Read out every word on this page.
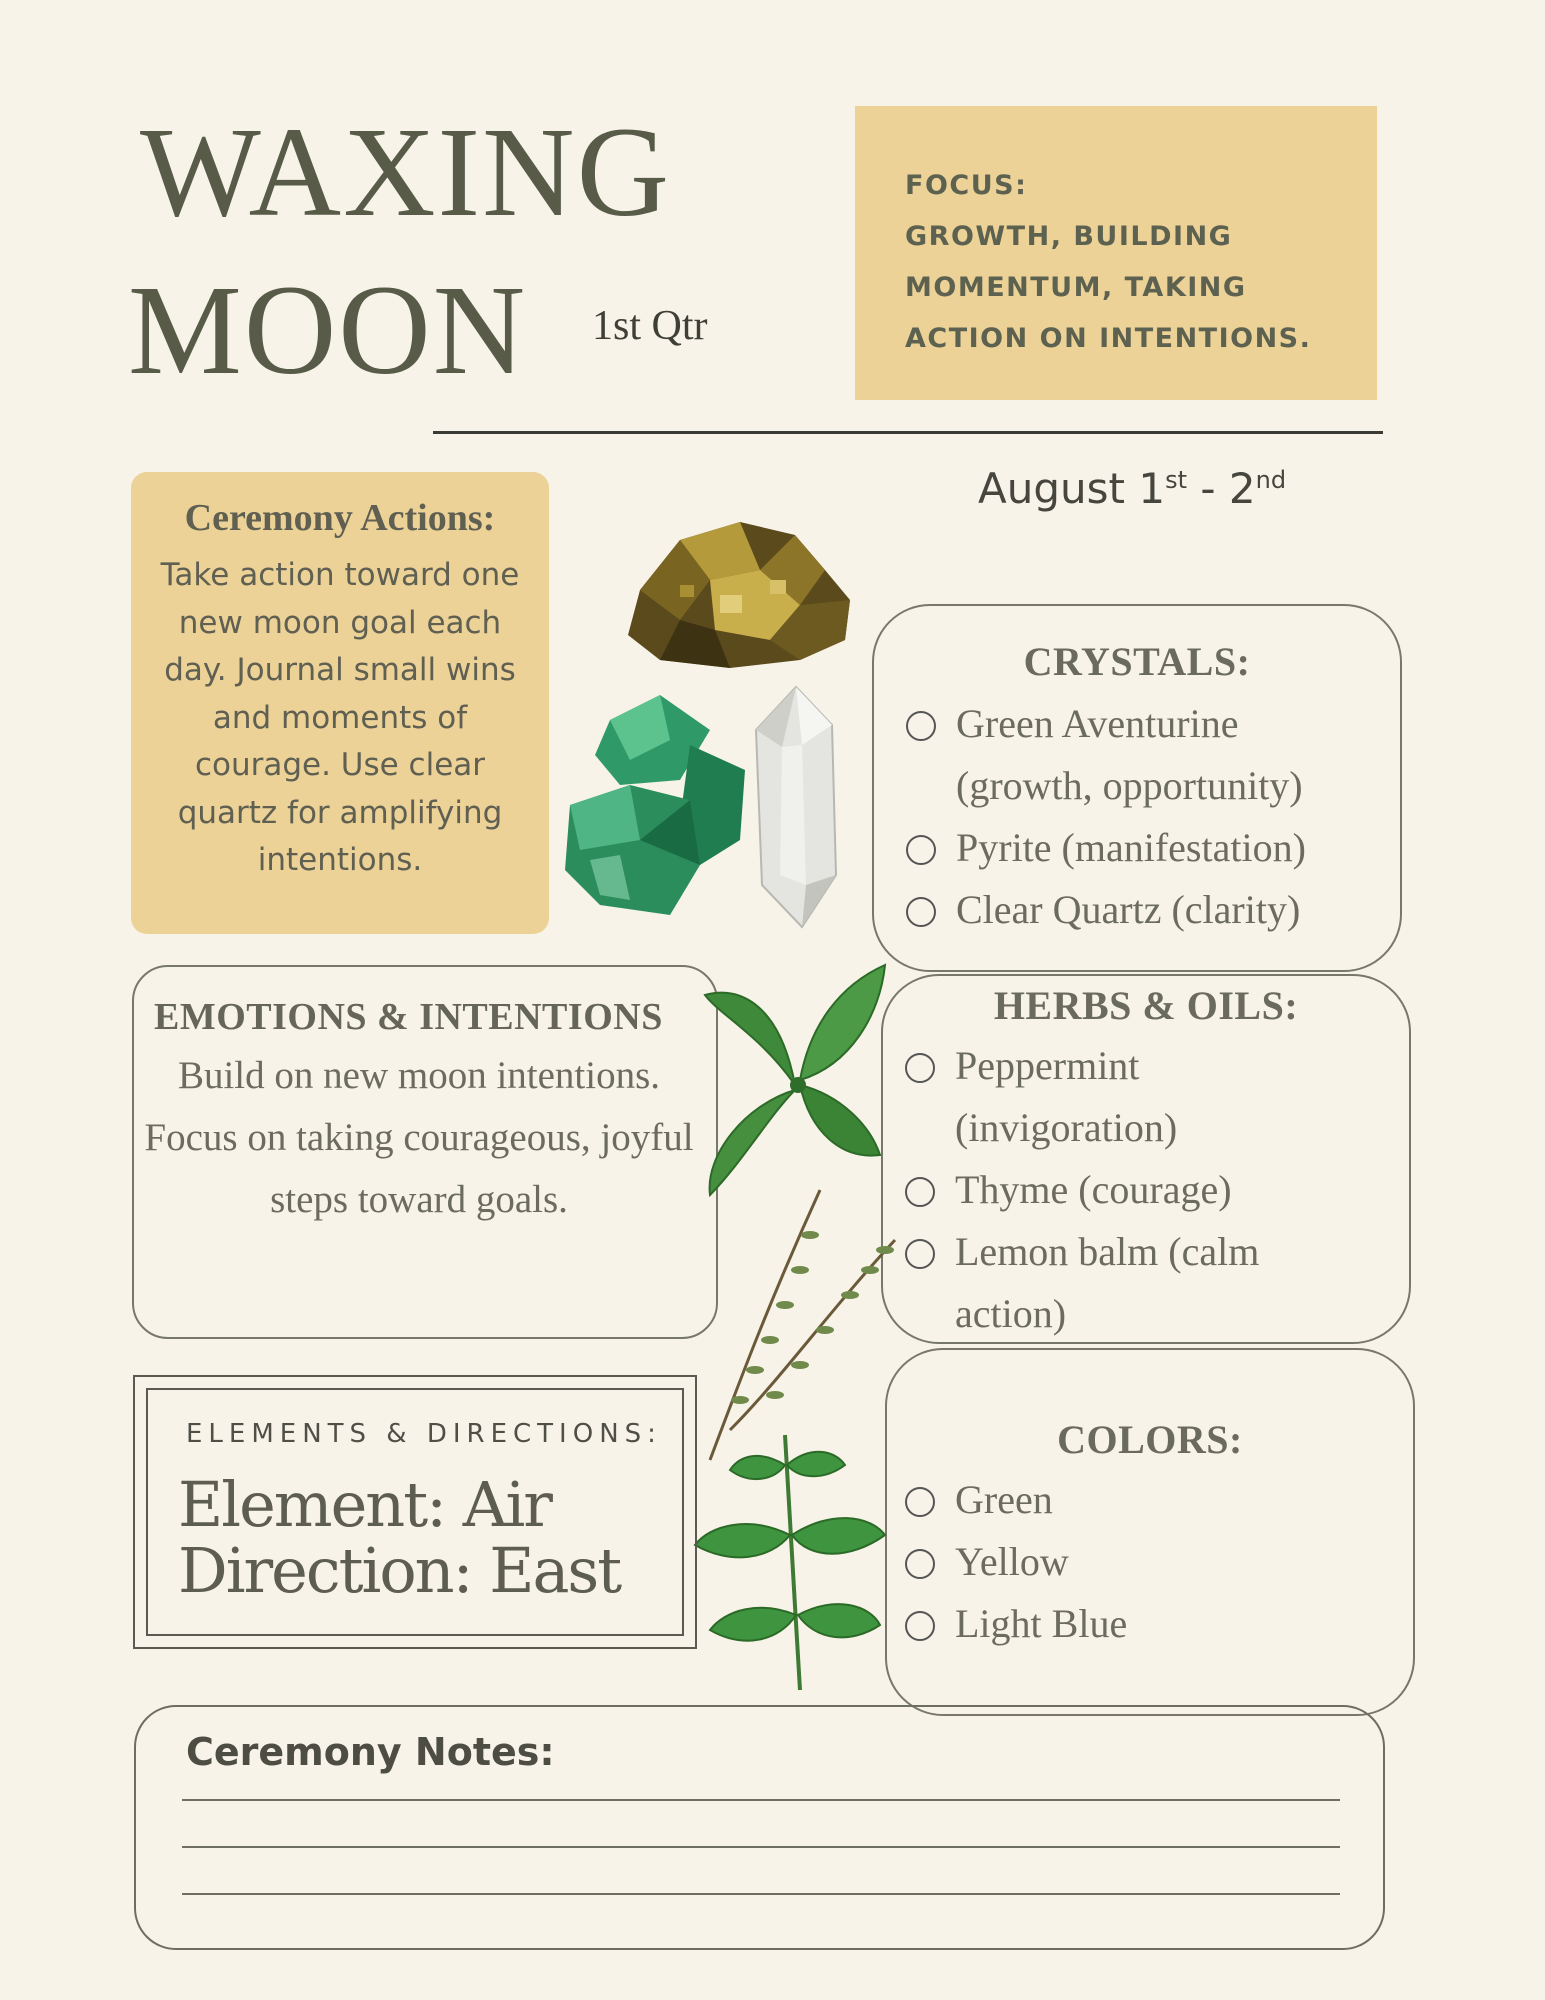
WAXING
MOON 1st Qtr
FOCUS:
GROWTH, BUILDING
MOMENTUM, TAKING
ACTION ON INTENTIONS.
August 1st - 2nd
Ceremony Actions:
Take action toward one new moon goal each day. Journal small wins and moments of courage. Use clear quartz for amplifying intentions.
CRYSTALS:
Green Aventurine (growth, opportunity)
Pyrite (manifestation)
Clear Quartz (clarity)
HERBS & OILS:
Peppermint (invigoration)
Thyme (courage)
Lemon balm (calm action)
COLORS:
Green
Yellow
Light Blue
EMOTIONS & INTENTIONS
Build on new moon intentions. Focus on taking courageous, joyful steps toward goals.
ELEMENTS & DIRECTIONS:
Element: Air
Direction: East
Ceremony Notes:
